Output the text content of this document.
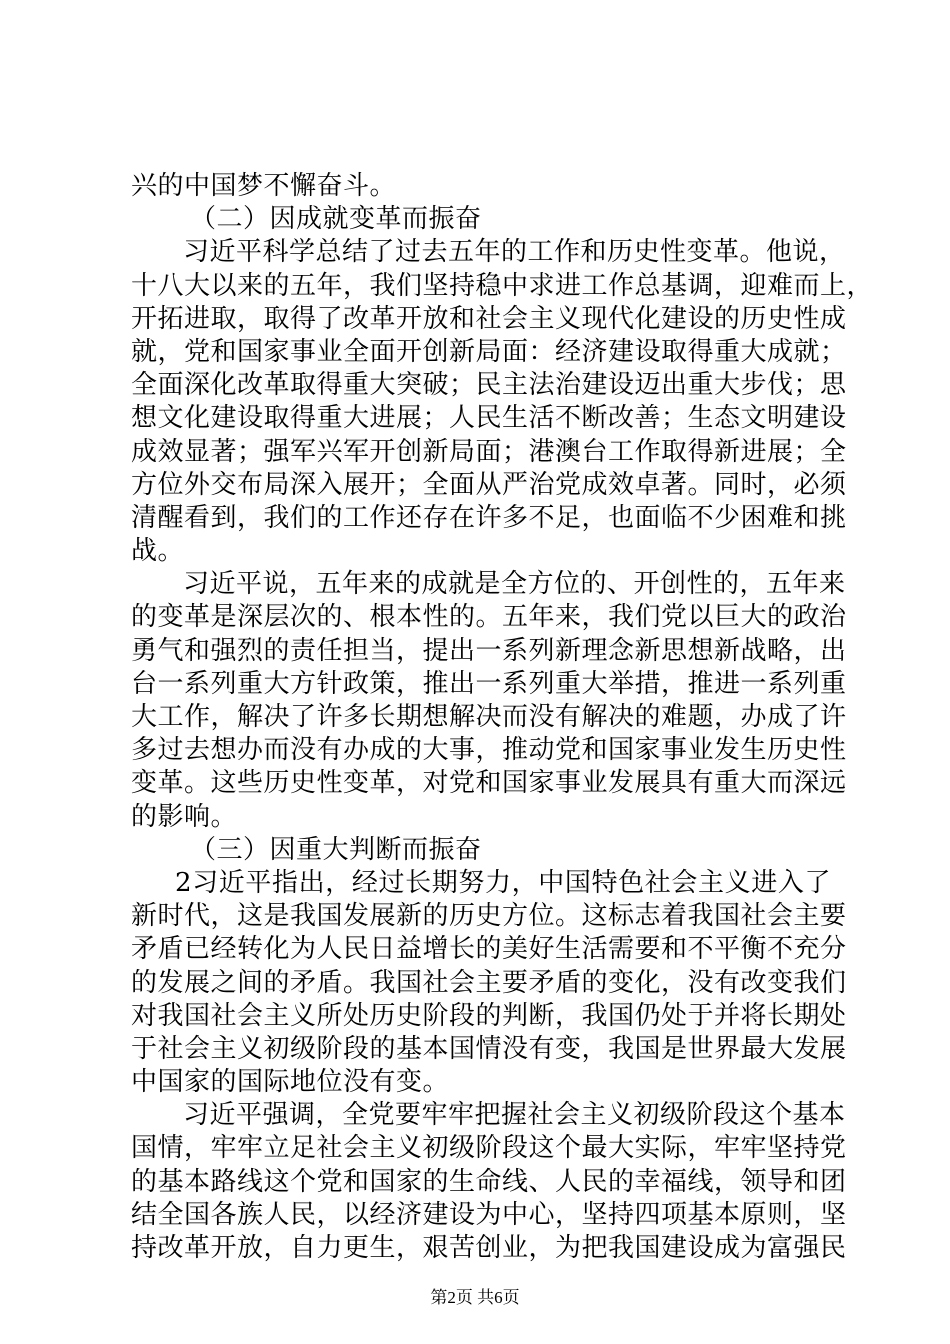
兴的中国梦不懈奋斗。
（二）因成就变革而振奋
习近平科学总结了过去五年的工作和历史性变革。他说，
十八大以来的五年，我们坚持稳中求进工作总基调，迎难而上，
开拓进取，取得了改革开放和社会主义现代化建设的历史性成
就，党和国家事业全面开创新局面：经济建设取得重大成就；
全面深化改革取得重大突破；民主法治建设迈出重大步伐；思
想文化建设取得重大进展；人民生活不断改善；生态文明建设
成效显著；强军兴军开创新局面；港澳台工作取得新进展；全
方位外交布局深入展开；全面从严治党成效卓著。同时，必须
清醒看到，我们的工作还存在许多不足，也面临不少困难和挑
战。
习近平说，五年来的成就是全方位的、开创性的，五年来
的变革是深层次的、根本性的。五年来，我们党以巨大的政治
勇气和强烈的责任担当，提出一系列新理念新思想新战略，出
台一系列重大方针政策，推出一系列重大举措，推进一系列重
大工作，解决了许多长期想解决而没有解决的难题，办成了许
多过去想办而没有办成的大事，推动党和国家事业发生历史性
变革。这些历史性变革，对党和国家事业发展具有重大而深远
的影响。
（三）因重大判断而振奋
2习近平指出，经过长期努力，中国特色社会主义进入了
新时代，这是我国发展新的历史方位。这标志着我国社会主要
矛盾已经转化为人民日益增长的美好生活需要和不平衡不充分
的发展之间的矛盾。我国社会主要矛盾的变化，没有改变我们
对我国社会主义所处历史阶段的判断，我国仍处于并将长期处
于社会主义初级阶段的基本国情没有变，我国是世界最大发展
中国家的国际地位没有变。
习近平强调，全党要牢牢把握社会主义初级阶段这个基本
国情，牢牢立足社会主义初级阶段这个最大实际，牢牢坚持党
的基本路线这个党和国家的生命线、人民的幸福线，领导和团
结全国各族人民，以经济建设为中心，坚持四项基本原则，坚
持改革开放，自力更生，艰苦创业，为把我国建设成为富强民
第2页 共6页
